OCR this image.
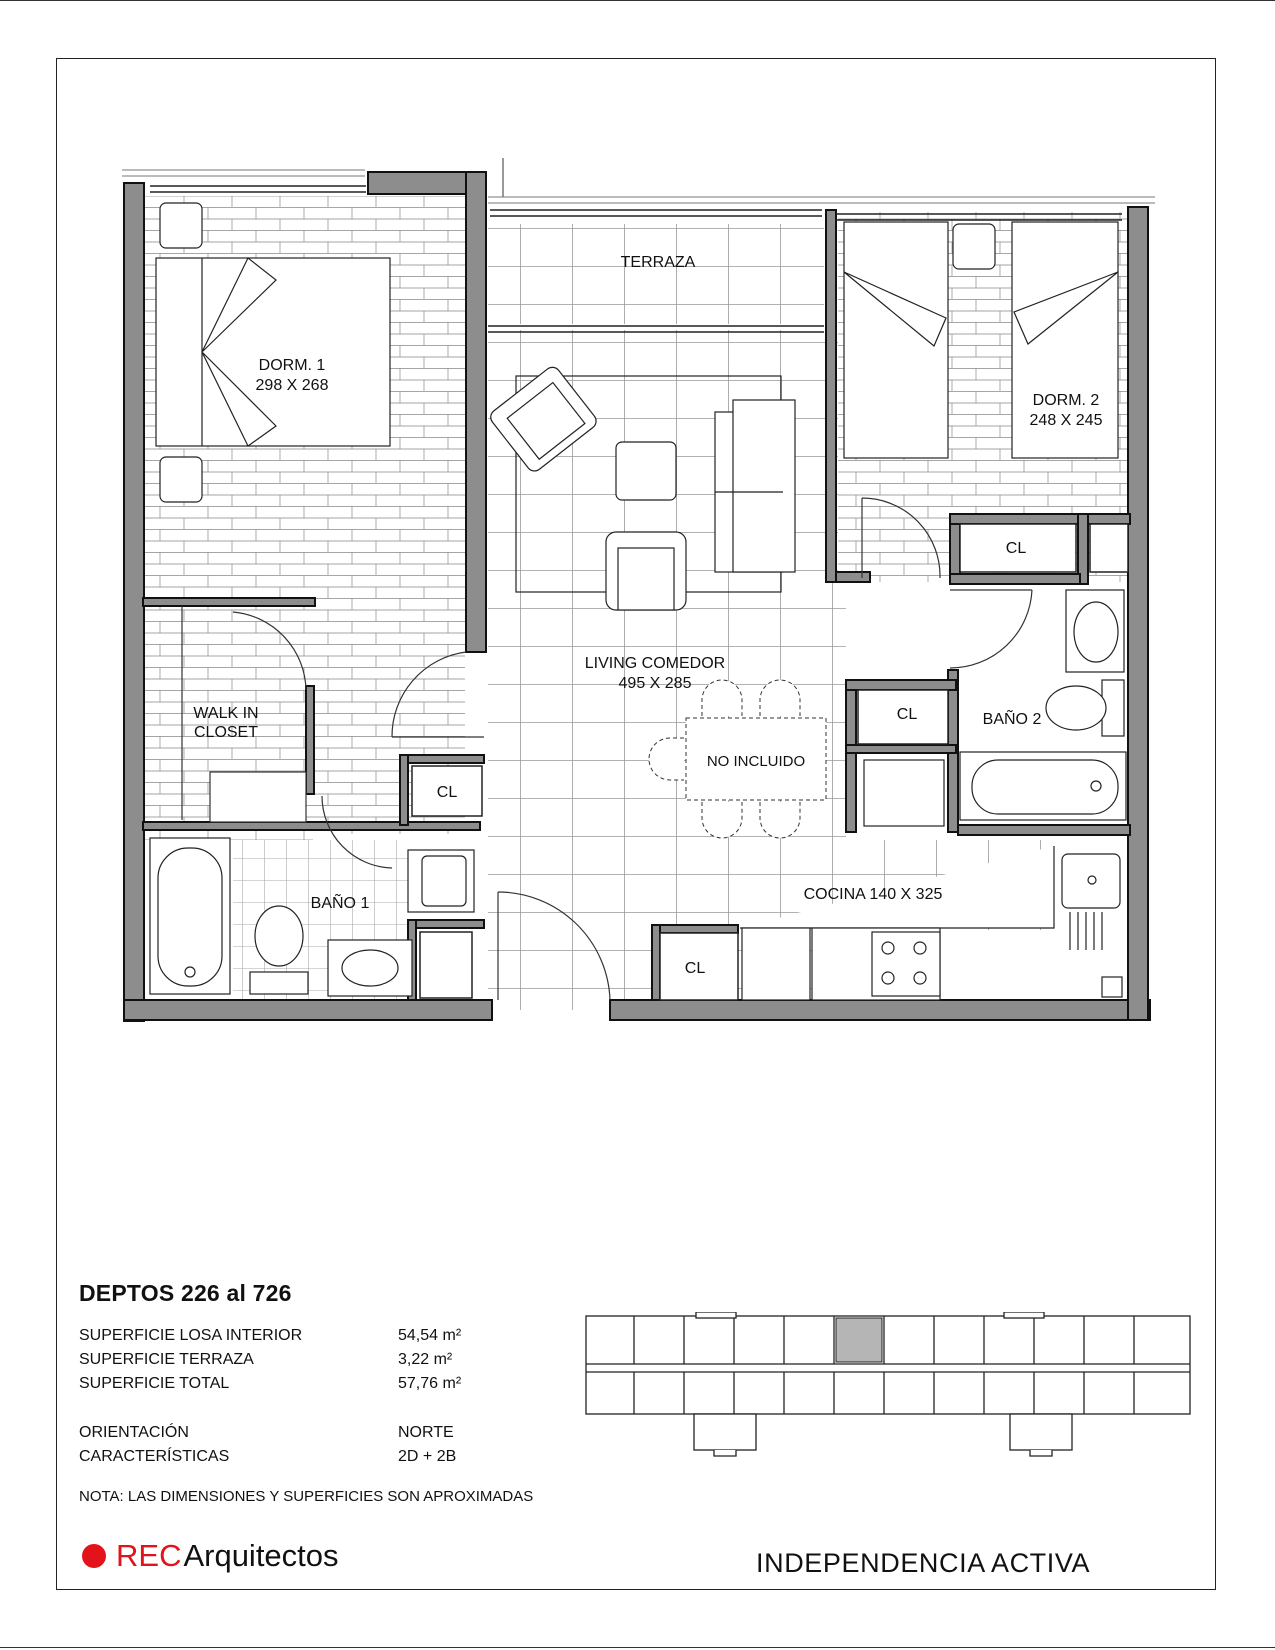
TERRAZA
DORM. 1
298 X 268
DORM. 2
248 X 245
LIVING COMEDOR
495 X 285
WALK IN
CLOSET
BAÑO 1
BAÑO 2
COCINA 140 X 325
NO INCLUIDO
CL
CL
CL
CL
DEPTOS 226 al 726
SUPERFICIE LOSA INTERIOR	54,54 m²
SUPERFICIE TERRAZA	3,22 m²
SUPERFICIE TOTAL	57,76 m²
ORIENTACIÓN	NORTE
CARACTERÍSTICAS	2D + 2B
NOTA: LAS DIMENSIONES Y SUPERFICIES SON APROXIMADAS
REC Arquitectos	INDEPENDENCIA ACTIVA
